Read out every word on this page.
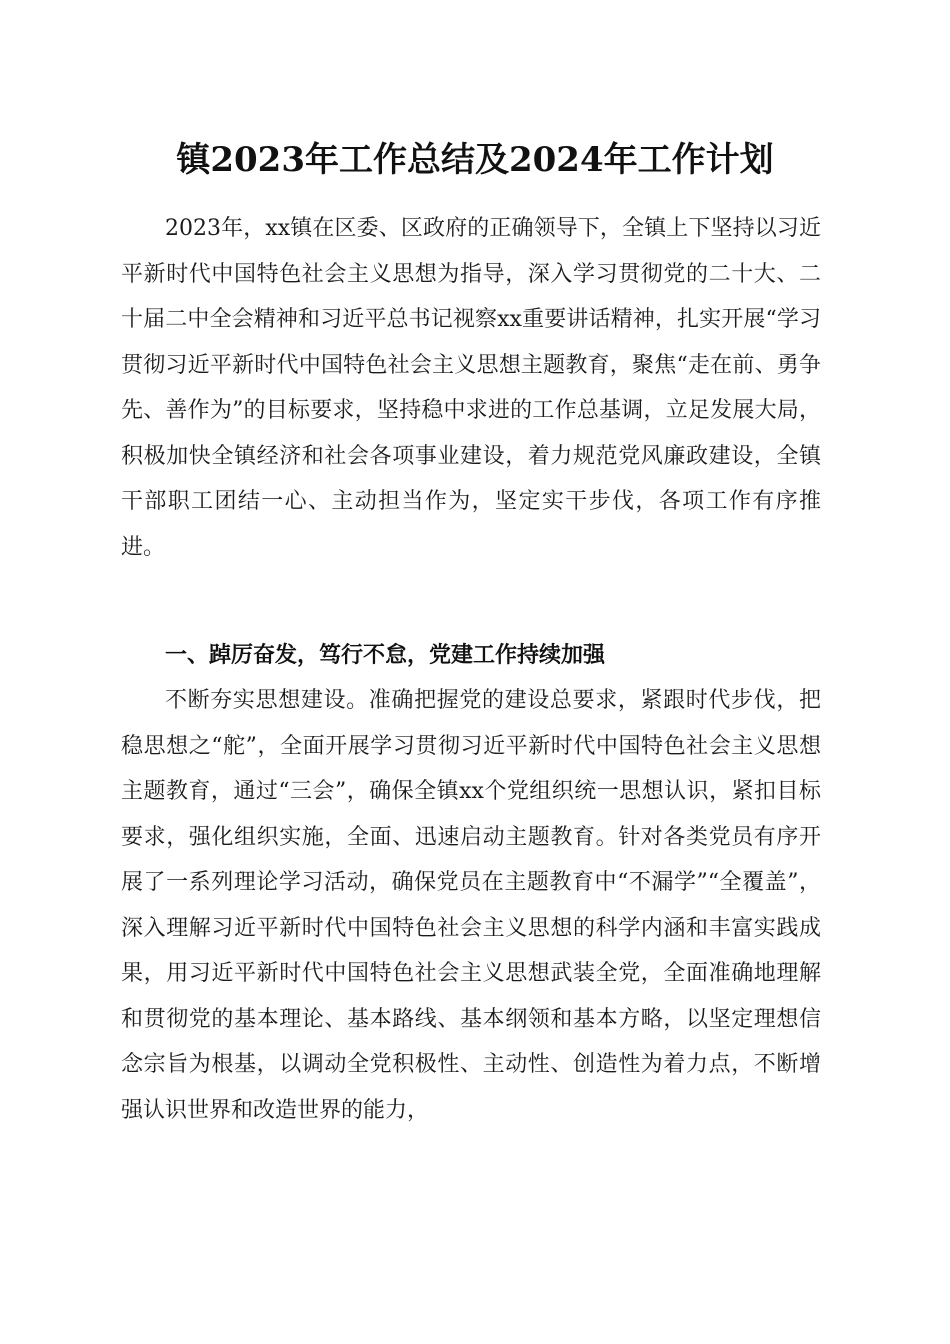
镇2023年工作总结及2024年工作计划

2023年，xx镇在区委、区政府的正确领导下，全镇上下坚持以习近平新时代中国特色社会主义思想为指导，深入学习贯彻党的二十大、二十届二中全会精神和习近平总书记视察xx重要讲话精神，扎实开展“学习贯彻习近平新时代中国特色社会主义思想主题教育，聚焦“走在前、勇争先、善作为”的目标要求，坚持稳中求进的工作总基调，立足发展大局，积极加快全镇经济和社会各项事业建设，着力规范党风廉政建设，全镇干部职工团结一心、主动担当作为，坚定实干步伐，各项工作有序推进。

一、踔厉奋发，笃行不怠，党建工作持续加强

不断夯实思想建设。准确把握党的建设总要求，紧跟时代步伐，把稳思想之“舵”，全面开展学习贯彻习近平新时代中国特色社会主义思想主题教育，通过“三会”，确保全镇xx个党组织统一思想认识，紧扣目标要求，强化组织实施，全面、迅速启动主题教育。针对各类党员有序开展了一系列理论学习活动，确保党员在主题教育中“不漏学”“全覆盖”，深入理解习近平新时代中国特色社会主义思想的科学内涵和丰富实践成果，用习近平新时代中国特色社会主义思想武装全党，全面准确地理解和贯彻党的基本理论、基本路线、基本纲领和基本方略，以坚定理想信念宗旨为根基，以调动全党积极性、主动性、创造性为着力点，不断增强认识世界和改造世界的能力，
